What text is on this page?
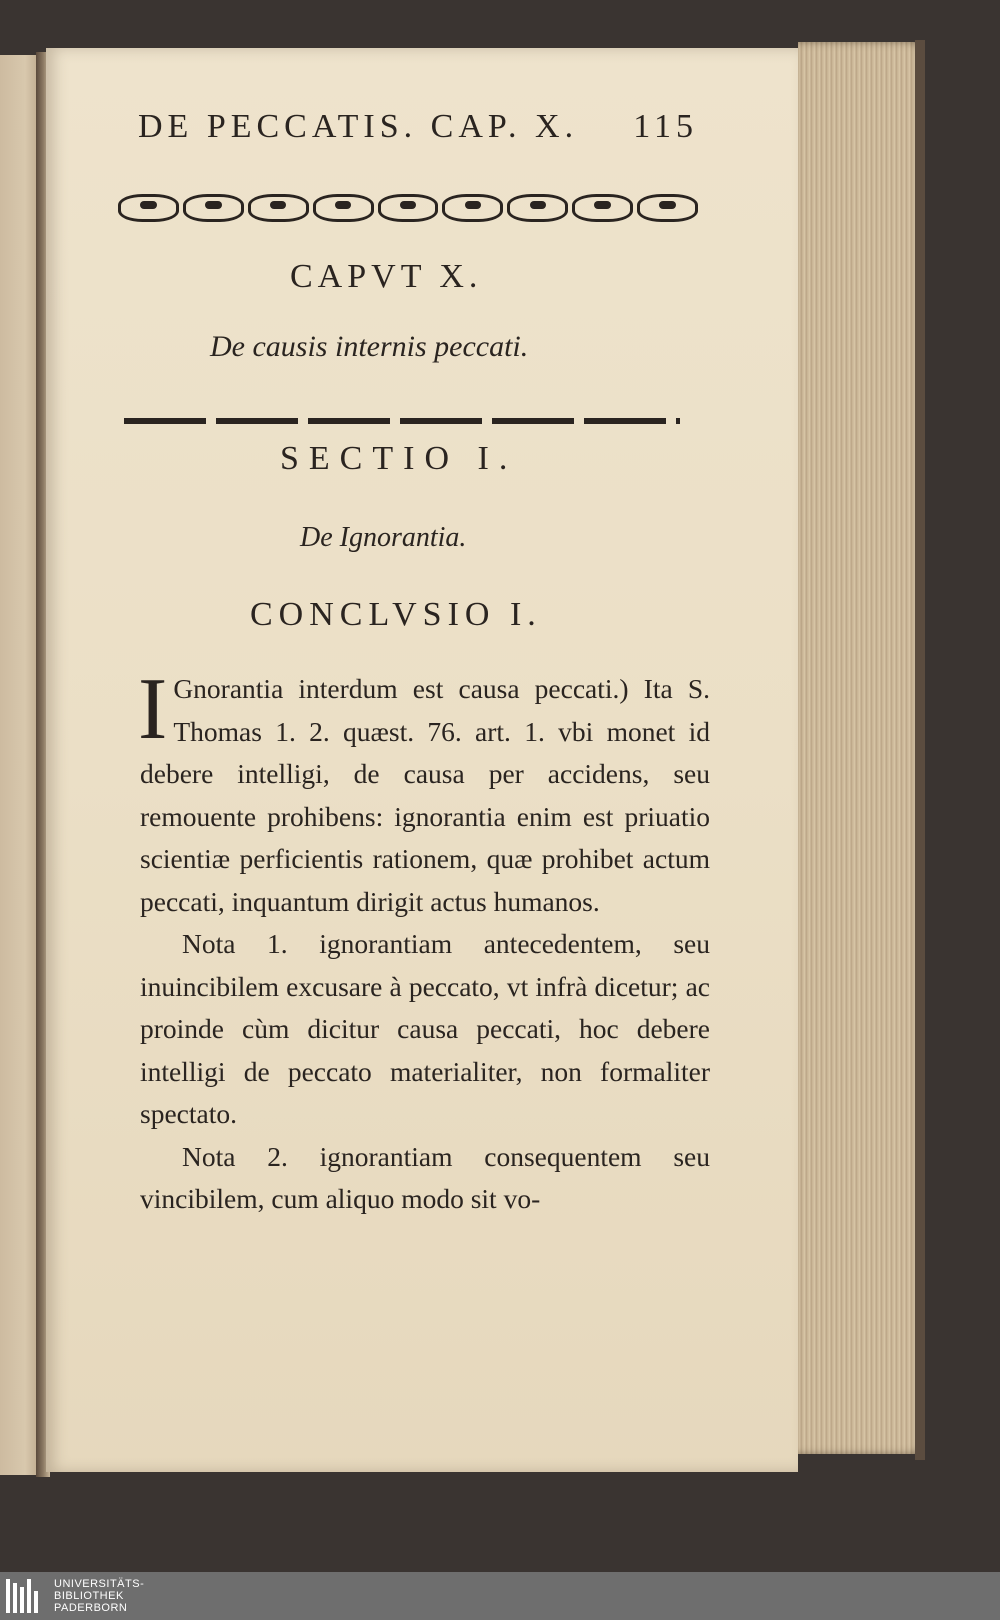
DE PECCATIS. CAP. X. 115
CAPVT X.
De causis internis peccati.
SECTIO I.
De Ignorantia.
CONCLVSIO I.

I Gnorantia interdum est causa peccati.) Ita S. Thomas 1. 2. quæst. 76. art. 1. vbi monet id debere intelligi, de causa per accidens, seu remouente prohibens: ignorantia enim est priuatio scientiæ perficientis rationem, quæ prohibet actum peccati, inquantum dirigit actus humanos.

Nota 1. ignorantiam antecedentem, seu inuincibilem excusare à peccato, vt infrà dicetur; ac proinde cùm dicitur causa peccati, hoc debere intelligi de peccato materialiter, non formaliter spectato.

Nota 2. ignorantiam consequentem seu vincibilem, cum aliquo modo sit vo-

UNIVERSITÄTS-
BIBLIOTHEK
PADERBORN
